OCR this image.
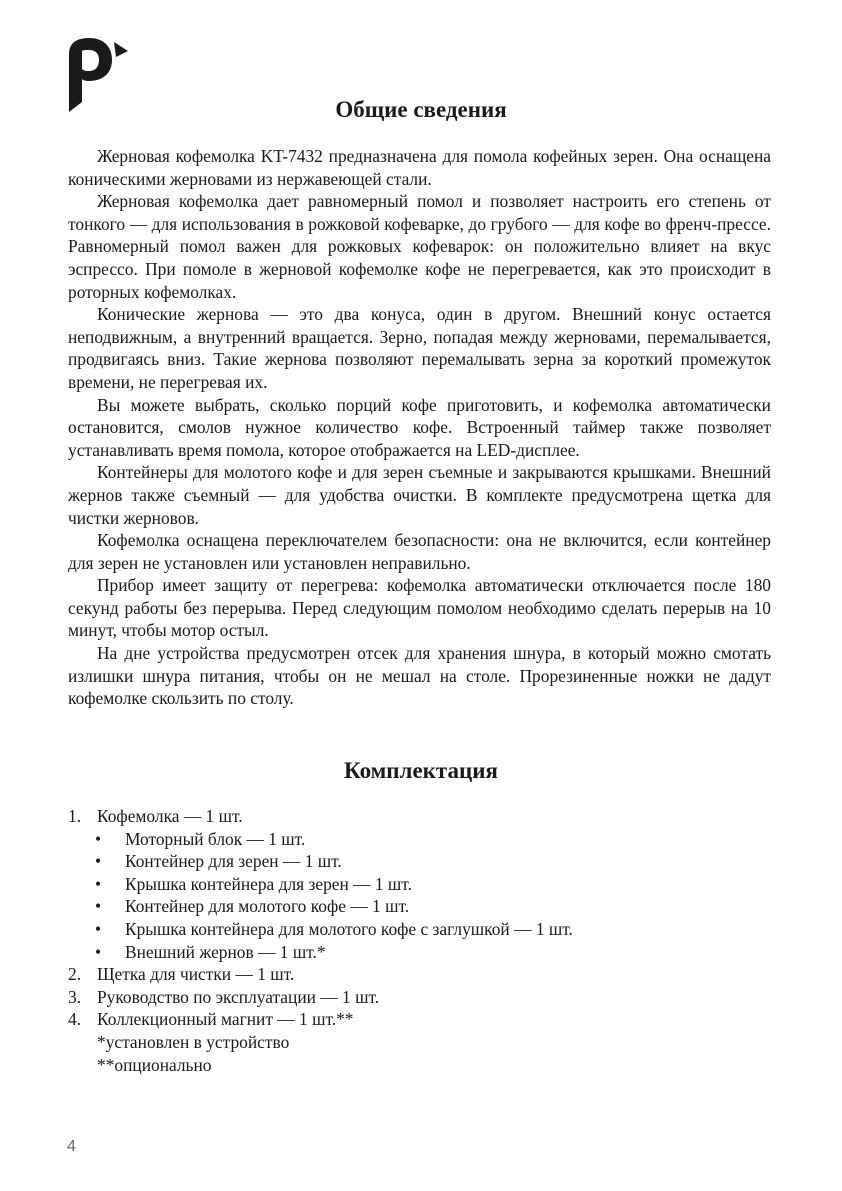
Общие сведения

Жерновая кофемолка KT-7432 предназначена для помола кофейных зерен. Она оснащена коническими жерновами из нержавеющей стали.

Жерновая кофемолка дает равномерный помол и позволяет настроить его степень от тонкого — для использования в рожковой кофеварке, до грубого — для кофе во френч-прессе. Равномерный помол важен для рожковых кофеварок: он положительно влияет на вкус эспрессо. При помоле в жерновой кофемолке кофе не перегревается, как это происходит в роторных кофемолках.

Конические жернова — это два конуса, один в другом. Внешний конус остается неподвижным, а внутренний вращается. Зерно, попадая между жерновами, перемалывается, продвигаясь вниз. Такие жернова позволяют перемалывать зерна за короткий промежуток времени, не перегревая их.

Вы можете выбрать, сколько порций кофе приготовить, и кофемолка автоматически остановится, смолов нужное количество кофе. Встроенный таймер также позволяет устанавливать время помола, которое отображается на LED-дисплее.

Контейнеры для молотого кофе и для зерен съемные и закрываются крышками. Внешний жернов также съемный — для удобства очистки. В комплекте предусмотрена щетка для чистки жерновов.

Кофемолка оснащена переключателем безопасности: она не включится, если контейнер для зерен не установлен или установлен неправильно.

Прибор имеет защиту от перегрева: кофемолка автоматически отключается после 180 секунд работы без перерыва. Перед следующим помолом необходимо сделать перерыв на 10 минут, чтобы мотор остыл.

На дне устройства предусмотрен отсек для хранения шнура, в который можно смотать излишки шнура питания, чтобы он не мешал на столе. Прорезиненные ножки не дадут кофемолке скользить по столу.

Комплектация
1. Кофемолка — 1 шт.
• Моторный блок — 1 шт.
• Контейнер для зерен — 1 шт.
• Крышка контейнера для зерен — 1 шт.
• Контейнер для молотого кофе — 1 шт.
• Крышка контейнера для молотого кофе с заглушкой — 1 шт.
• Внешний жернов — 1 шт.*
2. Щетка для чистки — 1 шт.
3. Руководство по эксплуатации — 1 шт.
4. Коллекционный магнит — 1 шт.**
*установлен в устройство
**опционально
4
